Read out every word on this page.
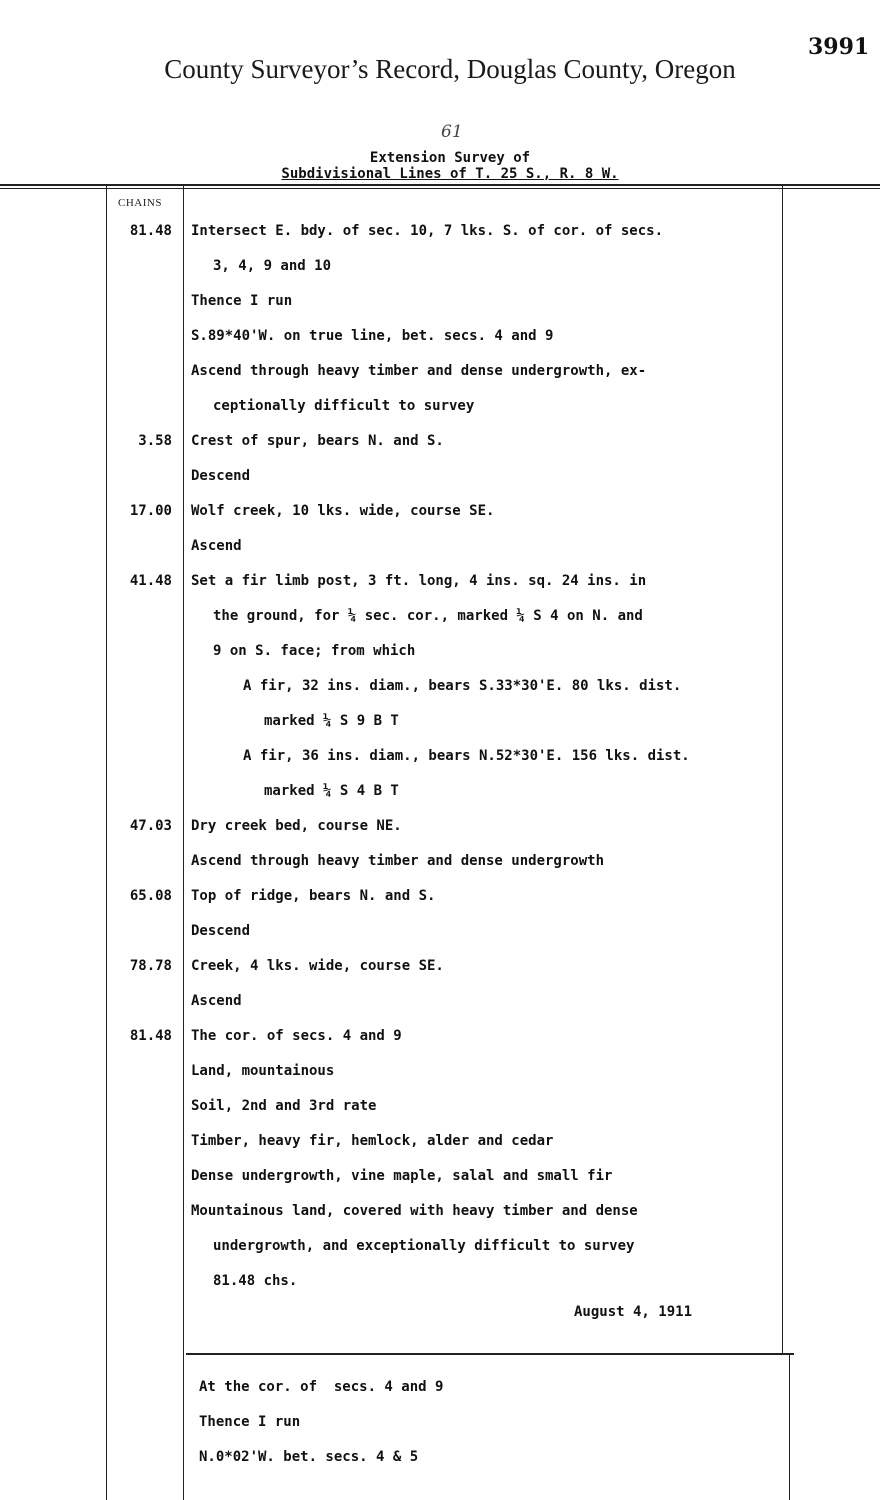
3991
County Surveyor’s Record, Douglas County, Oregon
61
Extension Survey of
Subdivisional Lines of T. 25 S., R. 8 W.
CHAINS
81.48 Intersect E. bdy. of sec. 10, 7 lks. S. of cor. of secs.
3, 4, 9 and 10
Thence I run
S.89*40'W. on true line, bet. secs. 4 and 9
Ascend through heavy timber and dense undergrowth, ex-
ceptionally difficult to survey
3.58 Crest of spur, bears N. and S.
Descend
17.00 Wolf creek, 10 lks. wide, course SE.
Ascend
41.48 Set a fir limb post, 3 ft. long, 4 ins. sq. 24 ins. in
the ground, for ¼ sec. cor., marked ¼ S 4 on N. and
9 on S. face; from which
A fir, 32 ins. diam., bears S.33*30'E. 80 lks. dist.
marked ¼ S 9 B T
A fir, 36 ins. diam., bears N.52*30'E. 156 lks. dist.
marked ¼ S 4 B T
47.03 Dry creek bed, course NE.
Ascend through heavy timber and dense undergrowth
65.08 Top of ridge, bears N. and S.
Descend
78.78 Creek, 4 lks. wide, course SE.
Ascend
81.48 The cor. of secs. 4 and 9
Land, mountainous
Soil, 2nd and 3rd rate
Timber, heavy fir, hemlock, alder and cedar
Dense undergrowth, vine maple, salal and small fir
Mountainous land, covered with heavy timber and dense
undergrowth, and exceptionally difficult to survey
81.48 chs.
August 4, 1911
At the cor. of  secs. 4 and 9
Thence I run
N.0*02'W. bet. secs. 4 & 5
